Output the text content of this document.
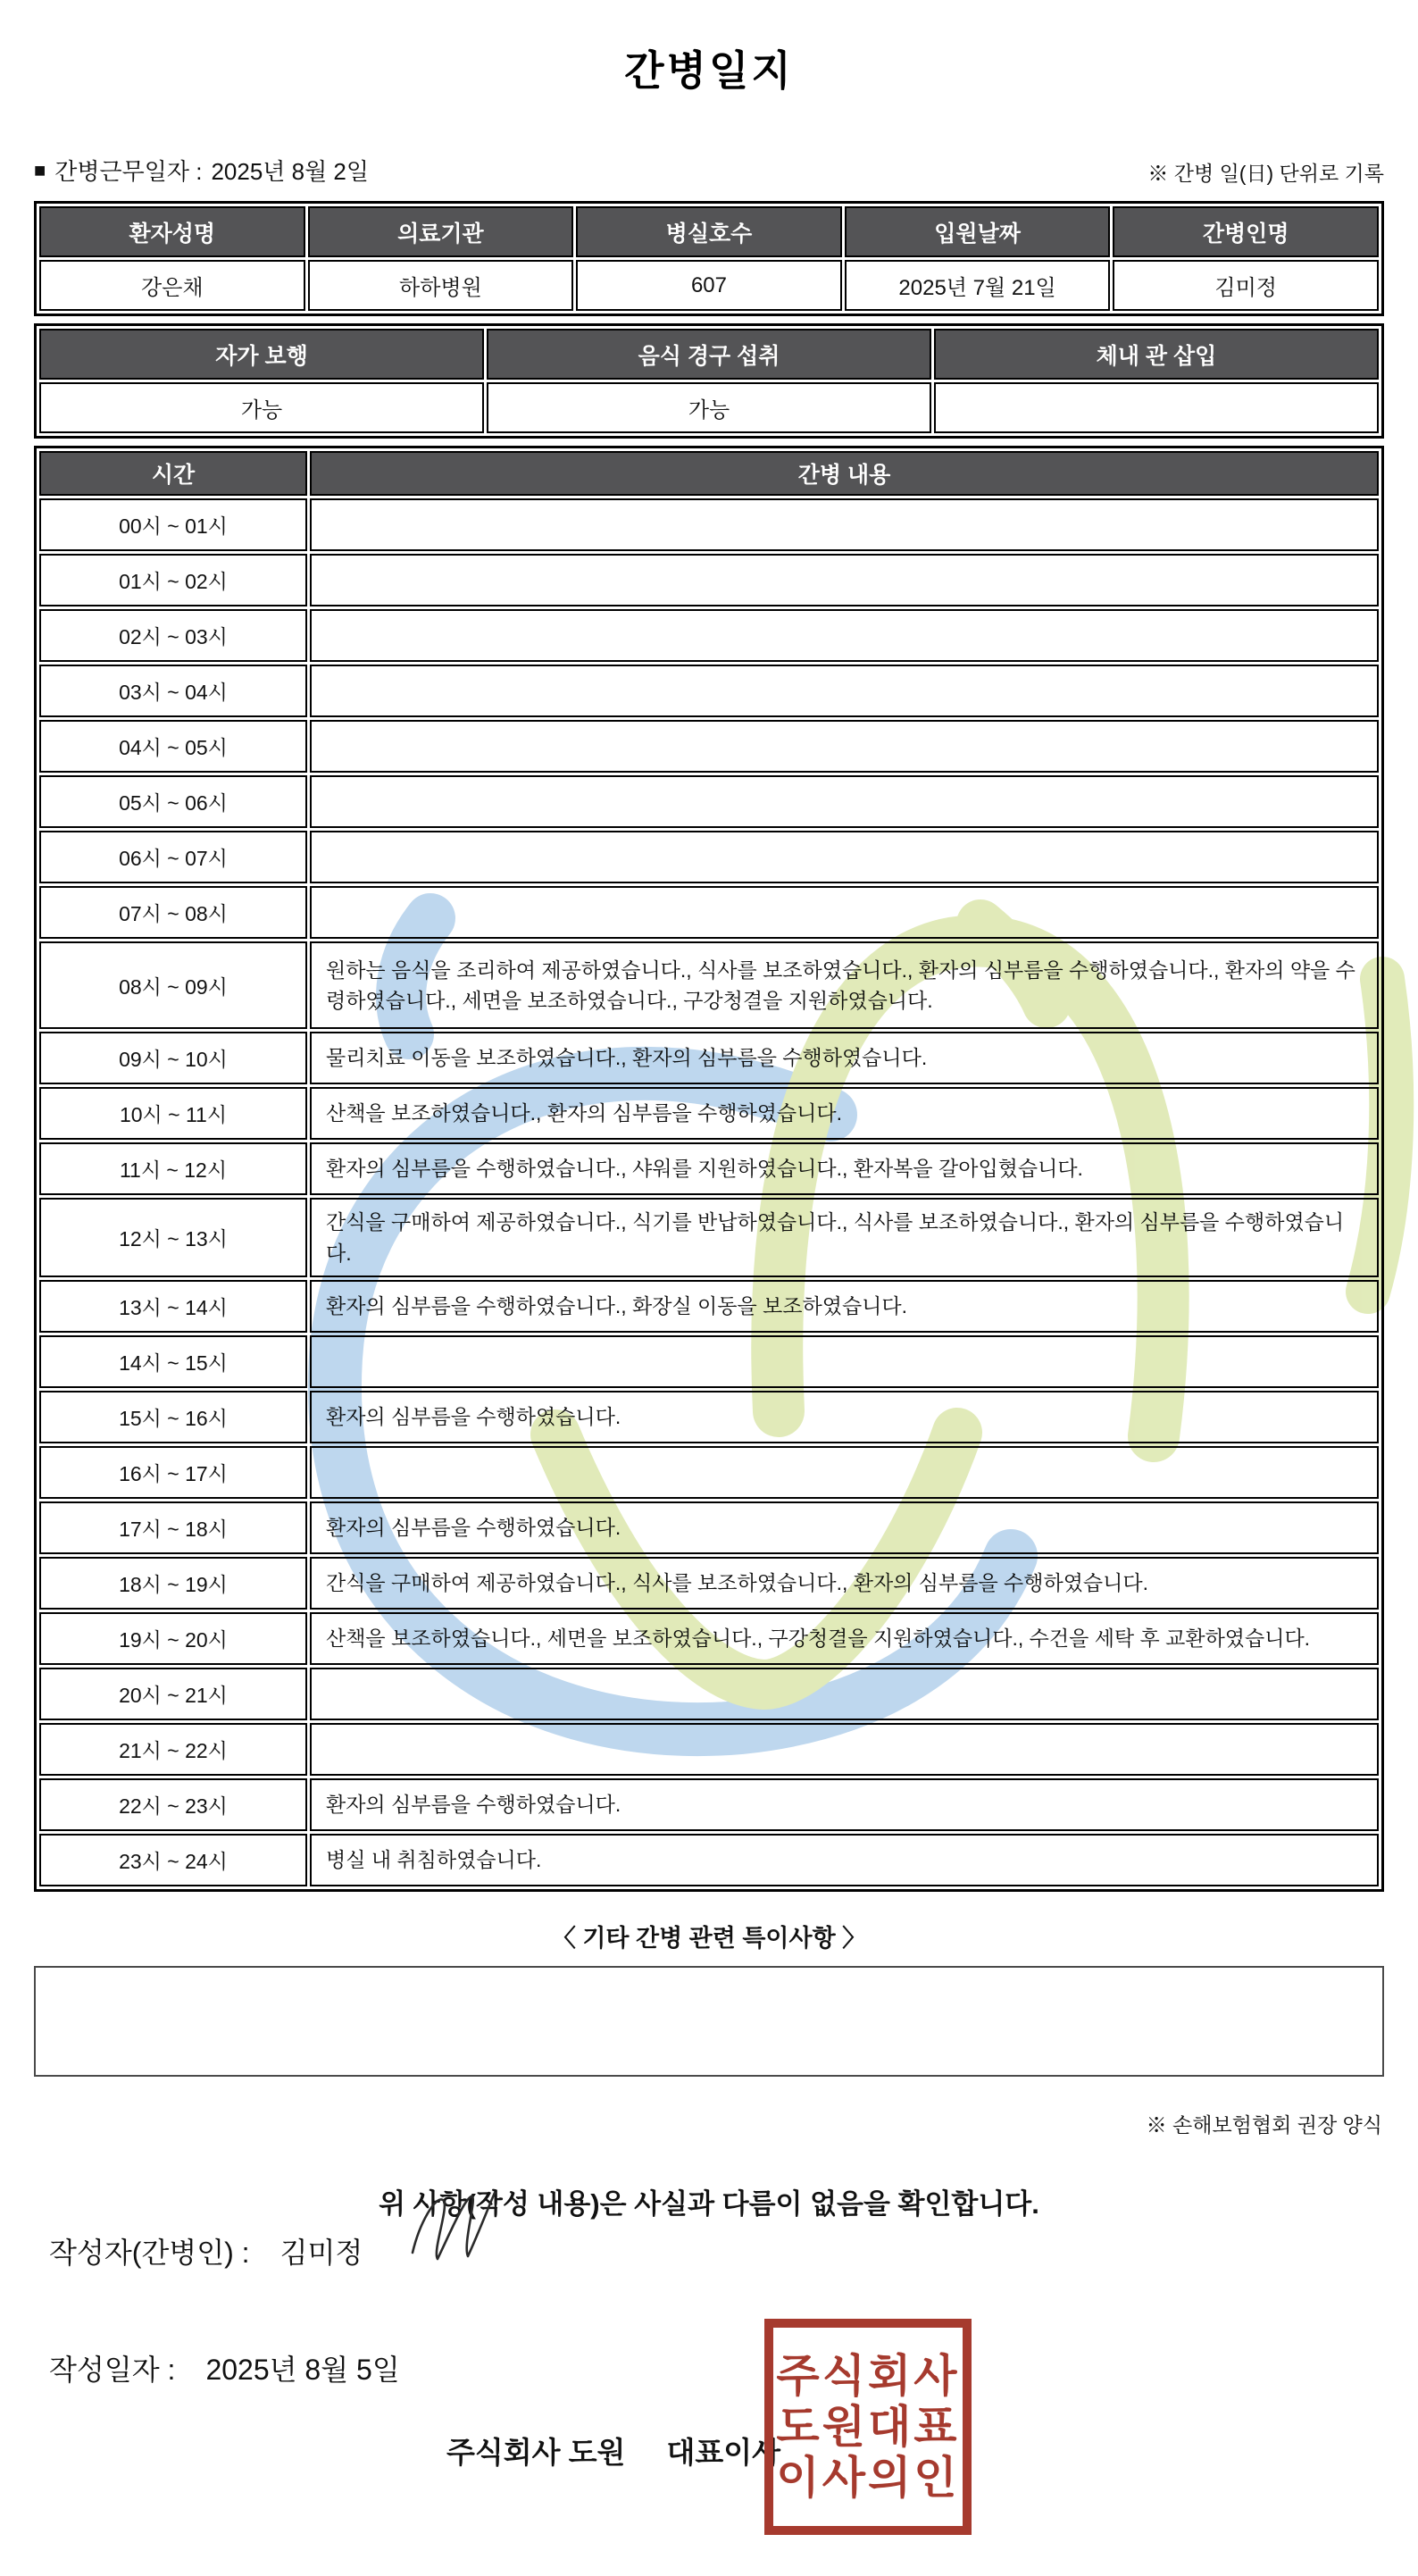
간병일지
■ 간병근무일자 : 2025년 8월 2일	※ 간병 일(日) 단위로 기록
환자성명	의료기관	병실호수	입원날짜	간병인명
강은채	하하병원	607	2025년 7월 21일	김미정
자가 보행	음식 경구 섭취	체내 관 삽입
가능	가능	
시간	간병 내용
00시 ~ 01시	
01시 ~ 02시	
02시 ~ 03시	
03시 ~ 04시	
04시 ~ 05시	
05시 ~ 06시	
06시 ~ 07시	
07시 ~ 08시	
08시 ~ 09시	원하는 음식을 조리하여 제공하였습니다., 식사를 보조하였습니다., 환자의 심부름을 수행하였습니다., 환자의 약을 수령하였습니다., 세면을 보조하였습니다., 구강청결을 지원하였습니다.
09시 ~ 10시	물리치료 이동을 보조하였습니다., 환자의 심부름을 수행하였습니다.
10시 ~ 11시	산책을 보조하였습니다., 환자의 심부름을 수행하였습니다.
11시 ~ 12시	환자의 심부름을 수행하였습니다., 샤워를 지원하였습니다., 환자복을 갈아입혔습니다.
12시 ~ 13시	간식을 구매하여 제공하였습니다., 식기를 반납하였습니다., 식사를 보조하였습니다., 환자의 심부름을 수행하였습니다.
13시 ~ 14시	환자의 심부름을 수행하였습니다., 화장실 이동을 보조하였습니다.
14시 ~ 15시	
15시 ~ 16시	환자의 심부름을 수행하였습니다.
16시 ~ 17시	
17시 ~ 18시	환자의 심부름을 수행하였습니다.
18시 ~ 19시	간식을 구매하여 제공하였습니다., 식사를 보조하였습니다., 환자의 심부름을 수행하였습니다.
19시 ~ 20시	산책을 보조하였습니다., 세면을 보조하였습니다., 구강청결을 지원하였습니다., 수건을 세탁 후 교환하였습니다.
20시 ~ 21시	
21시 ~ 22시	
22시 ~ 23시	환자의 심부름을 수행하였습니다.
23시 ~ 24시	병실 내 취침하였습니다.
〈 기타 간병 관련 특이사항 〉
※ 손해보험협회 권장 양식
위 사항(작성 내용)은 사실과 다름이 없음을 확인합니다.
작성자(간병인) : 김미정
작성일자 : 2025년 8월 5일
주식회사 도원 대표이사
주식회사
도원대표
이사의인
